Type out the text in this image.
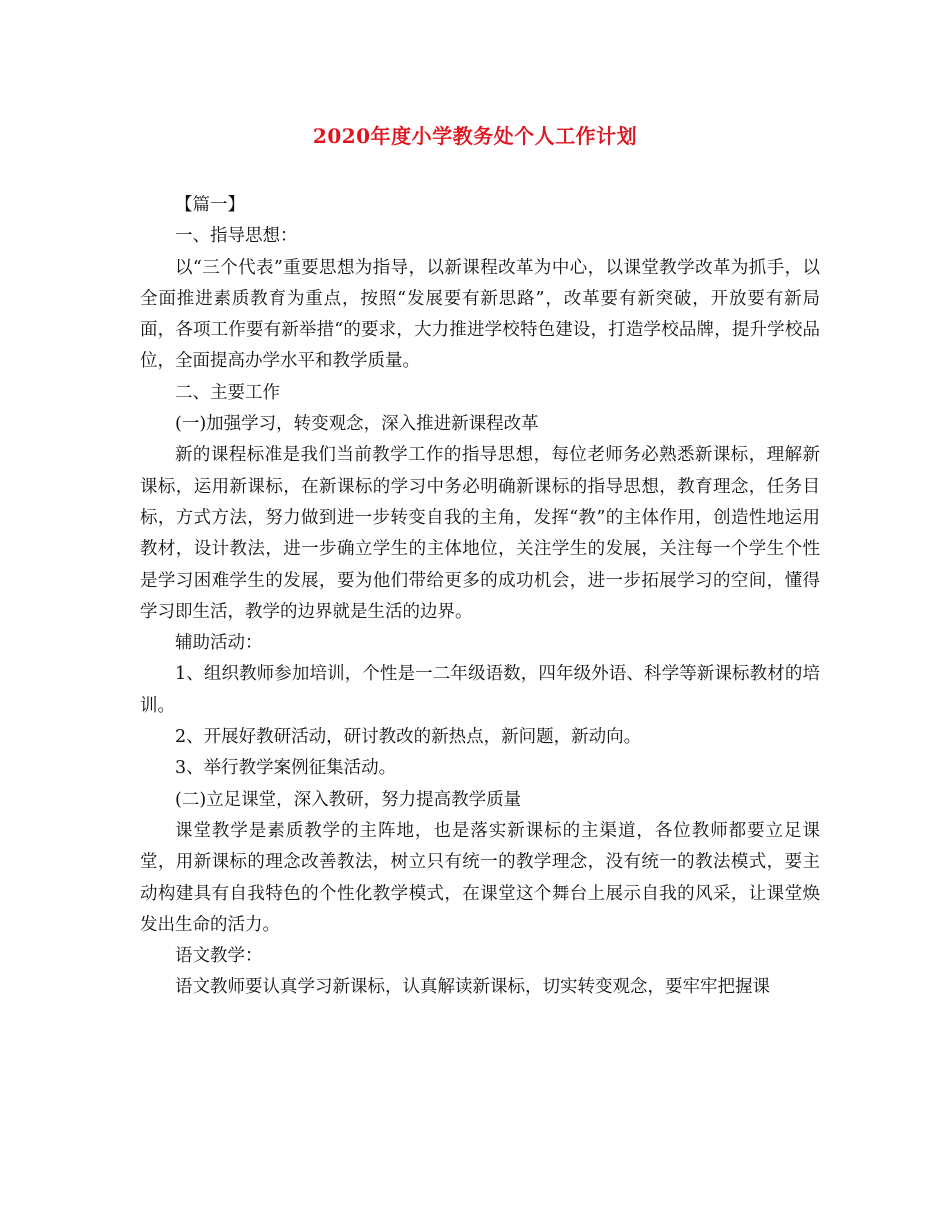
2020年度小学教务处个人工作计划

【篇一】

一、指导思想：

以“三个代表”重要思想为指导，以新课程改革为中心，以课堂教学改革为抓手，以全面推进素质教育为重点，按照“发展要有新思路”，改革要有新突破，开放要有新局面，各项工作要有新举措“的要求，大力推进学校特色建设，打造学校品牌，提升学校品位，全面提高办学水平和教学质量。

二、主要工作

(一)加强学习，转变观念，深入推进新课程改革

新的课程标准是我们当前教学工作的指导思想，每位老师务必熟悉新课标，理解新课标，运用新课标，在新课标的学习中务必明确新课标的指导思想，教育理念，任务目标，方式方法，努力做到进一步转变自我的主角，发挥“教”的主体作用，创造性地运用教材，设计教法，进一步确立学生的主体地位，关注学生的发展，关注每一个学生个性是学习困难学生的发展，要为他们带给更多的成功机会，进一步拓展学习的空间，懂得学习即生活，教学的边界就是生活的边界。

辅助活动：

1、组织教师参加培训，个性是一二年级语数，四年级外语、科学等新课标教材的培训。

2、开展好教研活动，研讨教改的新热点，新问题，新动向。

3、举行教学案例征集活动。

(二)立足课堂，深入教研，努力提高教学质量

课堂教学是素质教学的主阵地，也是落实新课标的主渠道，各位教师都要立足课堂，用新课标的理念改善教法，树立只有统一的教学理念，没有统一的教法模式，要主动构建具有自我特色的个性化教学模式，在课堂这个舞台上展示自我的风采，让课堂焕发出生命的活力。

语文教学：

语文教师要认真学习新课标，认真解读新课标，切实转变观念，要牢牢把握课
